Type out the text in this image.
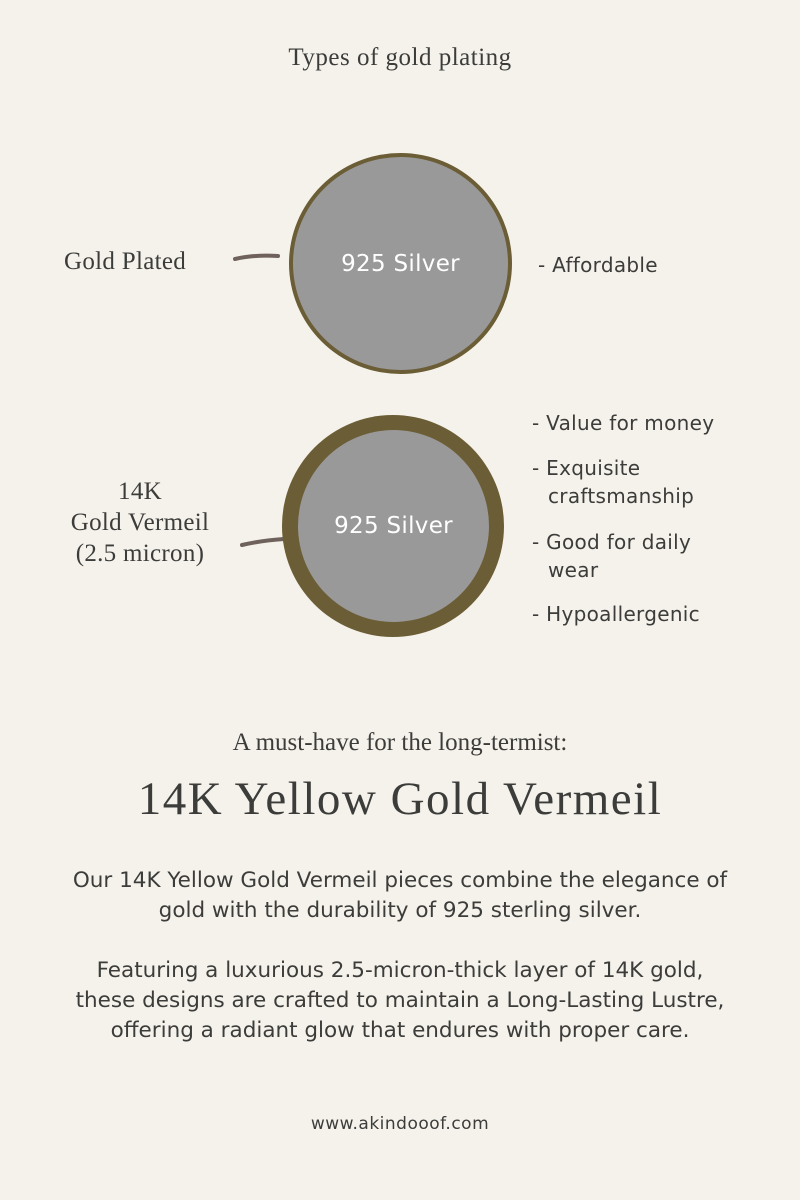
Types of gold plating
Gold Plated	925 Silver	- Affordable
14K
Gold Vermeil
(2.5 micron)
925 Silver
- Value for money
- Exquisite
craftsmanship
- Good for daily
wear
- Hypoallergenic
A must-have for the long-termist:
14K Yellow Gold Vermeil
Our 14K Yellow Gold Vermeil pieces combine the elegance of
gold with the durability of 925 sterling silver.
Featuring a luxurious 2.5-micron-thick layer of 14K gold,
these designs are crafted to maintain a Long-Lasting Lustre,
offering a radiant glow that endures with proper care.
www.akindooof.com
